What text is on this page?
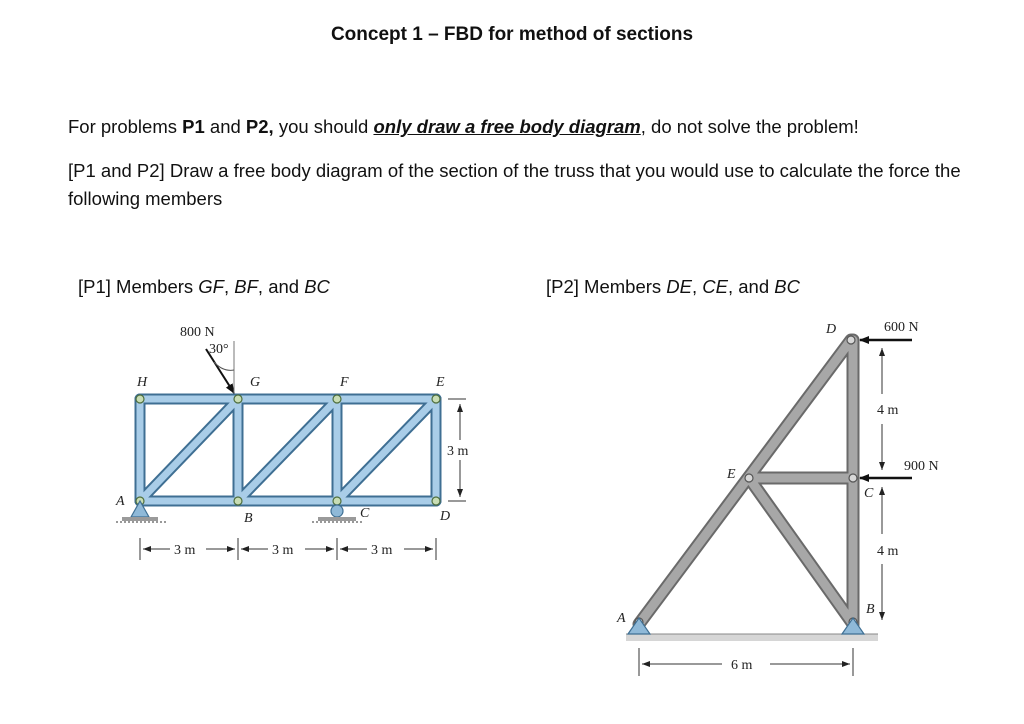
Concept 1 – FBD for method of sections
For problems P1 and P2, you should only draw a free body diagram, do not solve the problem!
[P1 and P2] Draw a free body diagram of the section of the truss that you would use to calculate the force the following members
[P1] Members GF, BF, and BC	[P2] Members DE, CE, and BC
800 N
30°
H	G	F	E
A
B	C	D
3 m
3 m	3 m	3 m
600 N
900 N
D
E
C
B
A
4 m
4 m
6 m
